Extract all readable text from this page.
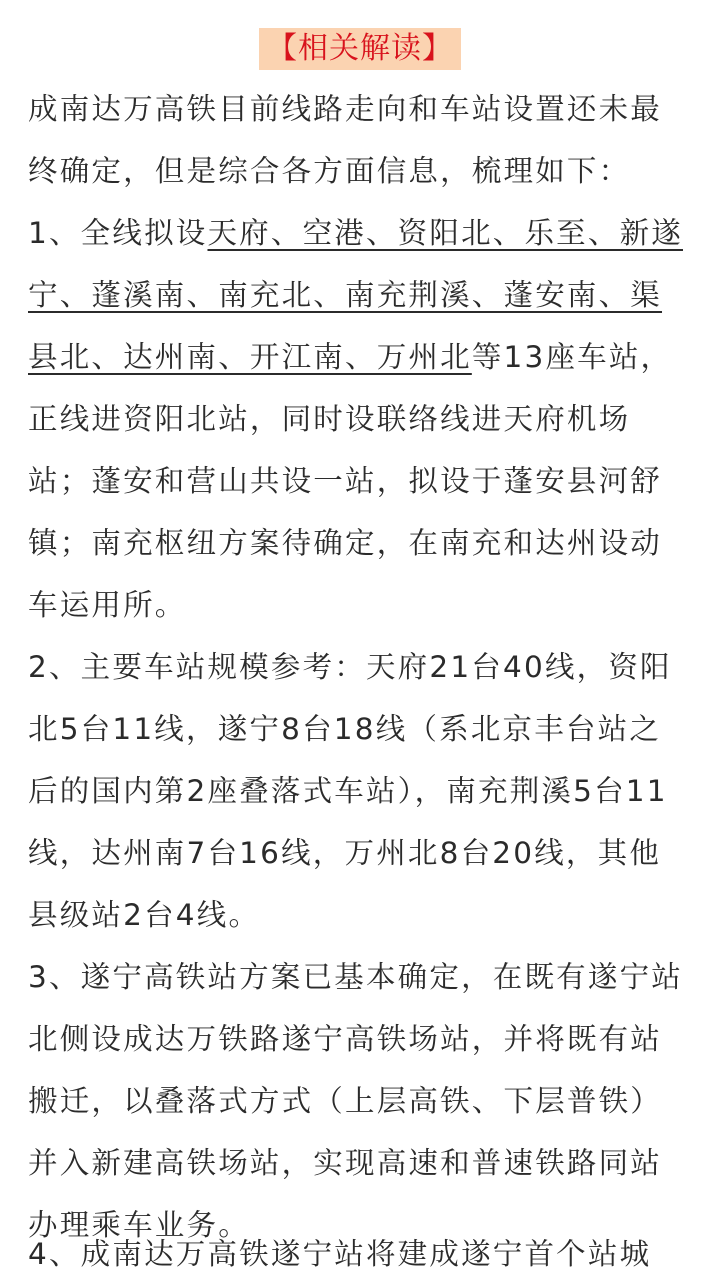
【相关解读】

成南达万高铁目前线路走向和车站设置还未最终确定，但是综合各方面信息，梳理如下：

1、全线拟设天府、空港、资阳北、乐至、新遂宁、蓬溪南、南充北、南充荆溪、蓬安南、渠县北、达州南、开江南、万州北等13座车站，正线进资阳北站，同时设联络线进天府机场站；蓬安和营山共设一站，拟设于蓬安县河舒镇；南充枢纽方案待确定，在南充和达州设动车运用所。

2、主要车站规模参考：天府21台40线，资阳北5台11线，遂宁8台18线（系北京丰台站之后的国内第2座叠落式车站），南充荆溪5台11线，达州南7台16线，万州北8台20线，其他县级站2台4线。

3、遂宁高铁站方案已基本确定，在既有遂宁站北侧设成达万铁路遂宁高铁场站，并将既有站搬迁，以叠落式方式（上层高铁、下层普铁）并入新建高铁场站，实现高速和普速铁路同站办理乘车业务。

4、成南达万高铁遂宁站将建成遂宁首个站城
